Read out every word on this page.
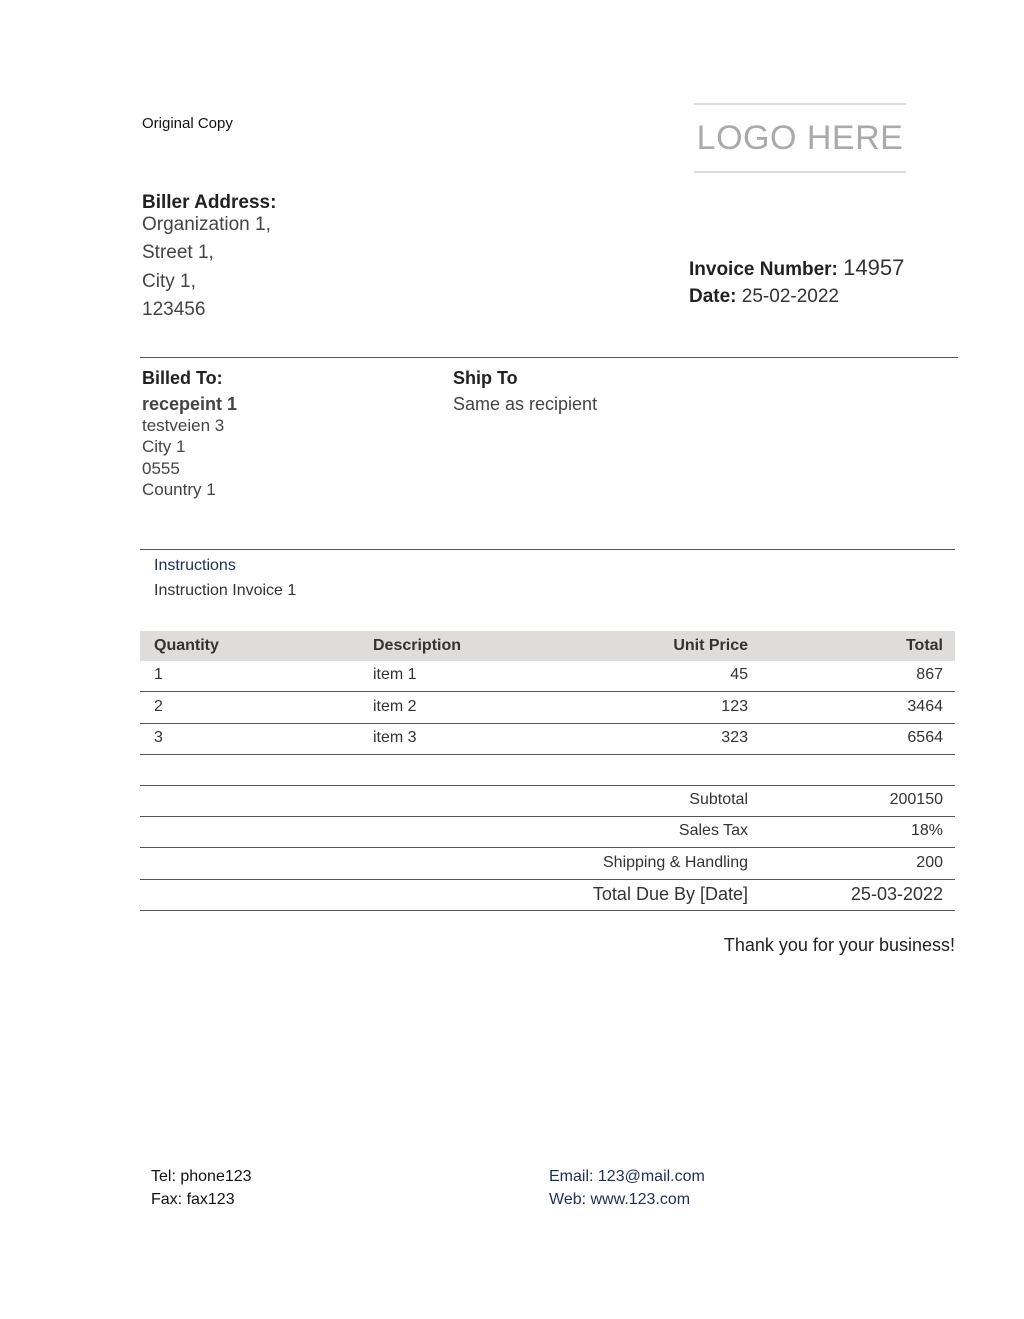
Original Copy	LOGO HERE
Biller Address:
Organization 1,
Street 1,
City 1,
123456
Invoice Number: 14957
Date: 25-02-2022
Billed To:
recepeint 1
testveien 3
City 1
0555
Country 1
Ship To
Same as recipient
Instructions
Instruction Invoice 1
Quantity	Description	Unit Price	Total
1	item 1	45	867
2	item 2	123	3464
3	item 3	323	6564
Subtotal	200150
Sales Tax	18%
Shipping & Handling	200
Total Due By [Date]	25-03-2022
Thank you for your business!
Tel: phone123
Fax: fax123
Email: 123@mail.com
Web: www.123.com
